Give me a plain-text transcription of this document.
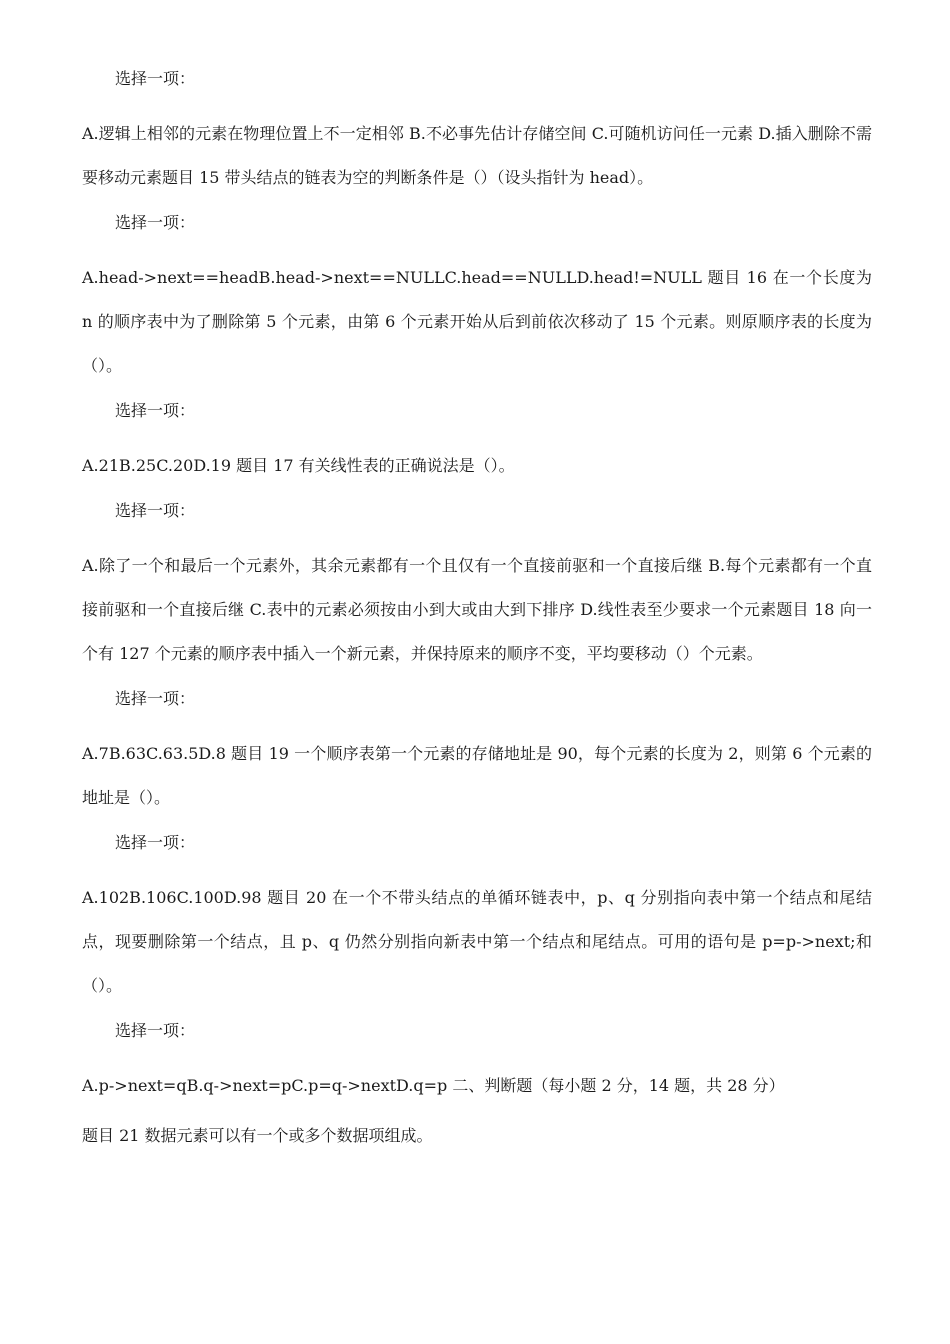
选择一项：
A.逻辑上相邻的元素在物理位置上不一定相邻 B.不必事先估计存储空间 C.可随机访问任一元素 D.插入删除不需要移动元素题目 15 带头结点的链表为空的判断条件是（）（设头指针为 head）。
选择一项：
A.head->next==headB.head->next==NULLC.head==NULLD.head!=NULL 题目 16 在一个长度为 n 的顺序表中为了删除第 5 个元素，由第 6 个元素开始从后到前依次移动了 15 个元素。则原顺序表的长度为（）。
选择一项：
A.21B.25C.20D.19 题目 17 有关线性表的正确说法是（）。
选择一项：
A.除了一个和最后一个元素外，其余元素都有一个且仅有一个直接前驱和一个直接后继 B.每个元素都有一个直接前驱和一个直接后继 C.表中的元素必须按由小到大或由大到下排序 D.线性表至少要求一个元素题目 18 向一个有 127 个元素的顺序表中插入一个新元素，并保持原来的顺序不变，平均要移动（）个元素。
选择一项：
A.7B.63C.63.5D.8 题目 19 一个顺序表第一个元素的存储地址是 90，每个元素的长度为 2，则第 6 个元素的地址是（）。
选择一项：
A.102B.106C.100D.98 题目 20 在一个不带头结点的单循环链表中，p、q 分别指向表中第一个结点和尾结点，现要删除第一个结点，且 p、q 仍然分别指向新表中第一个结点和尾结点。可用的语句是 p=p->next;和（）。
选择一项：
A.p->next=qB.q->next=pC.p=q->nextD.q=p 二、判断题（每小题 2 分，14 题，共 28 分）
题目 21 数据元素可以有一个或多个数据项组成。
